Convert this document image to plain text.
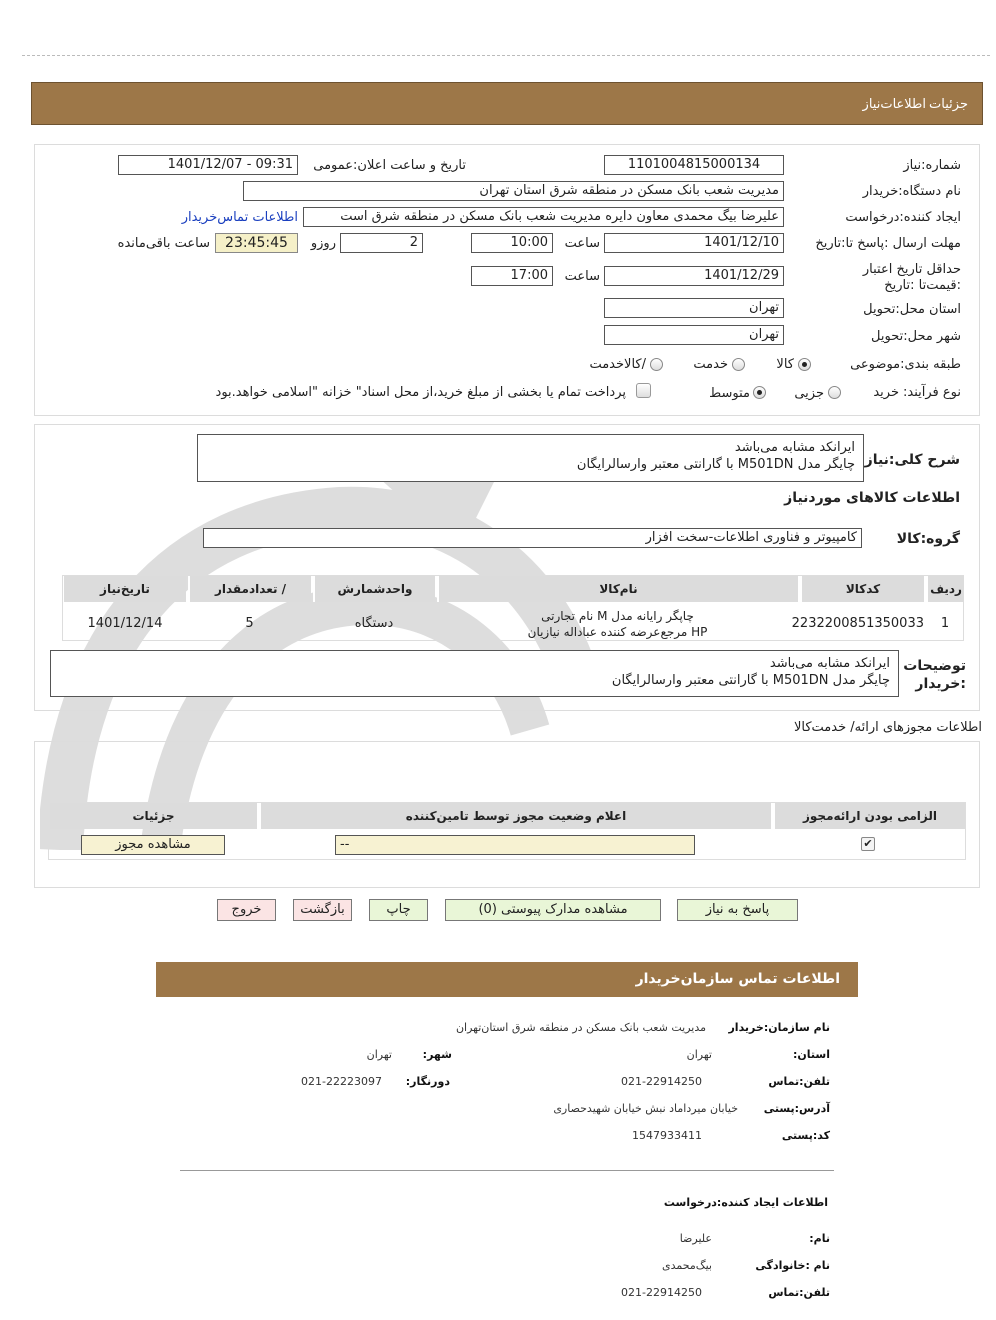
جزئیات
اطلاعات‌نیاز
شماره:نیاز
1101004815000134
تاریخ و ساعت اعلان:عمومی
1401/12/07 - 09:31
نام دستگاه:خریدار
مدیریت شعب بانک مسکن در منطقه شرق استان تهران
ایجاد کننده:درخواست
علیرضا بیگ محمدی معاون دایره مدیریت شعب بانک مسکن در منطقه شرق است
اطلاعات تماس‌خریدار
مهلت ارسال :پاسخ تا:تاریخ
1401/12/10
ساعت
10:00
2
روزو
23:45:45
ساعت باقی‌مانده
حداقل تاریخ اعتبار :قیمت‌تا :تاریخ
1401/12/29
ساعت
17:00
استان محل:تحویل
تهران
شهر محل:تحویل
تهران
طبقه بندی:موضوعی
کالا
خدمت
/کالاخدمت
نوع فرآیند:
خرید
جزیی
متوسط
پرداخت تمام یا بخشی از مبلغ خرید،از محل اسناد" خزانه "اسلامی خواهد.بود
شرح کلی:نیاز
ایرانکد مشابه می‌باشد
چایگر مدل M501DN با گارانتی معتبر وارسالرایگان
اطلاعات کالاهای موردنیاز
گروه:کالا
کامپیوتر و فناوری اطلاعات-سخت افزار
ردیف
کدکالا
نام‌کالا
واحدشمارش
/ تعدادمقدار
تاریخ‌نیاز
1
2232200851350033
چاپگر رایانه مدل M نام تجارتی
HP مرجع‌عرضه کننده عباداله نیازیان
دستگاه
5
1401/12/14
توضیحات
:خریدار
ایرانکد مشابه می‌باشد
چایگر مدل M501DN با گارانتی معتبر وارسالرایگان
اطلاعات مجوزهای ارائه/ خدمت‌کالا
الزامی بودن ارائه‌مجوز
اعلام وضعیت مجوز توسط تامین‌کننده
جزئیات
✔
--
مشاهده مجوز
پاسخ به نیاز
مشاهده مدارک پیوستی (0)
چاپ
بازگشت
خروج
اطلاعات تماس سازمان‌خریدار
نام سازمان:خریدار
مدیریت شعب بانک مسکن در منطقه شرق استان‌تهران
استان:
تهران
شهر:
تهران
تلفن:تماس
021-22914250
دورنگار:
021-22223097
آدرس:پستی
خیابان میرداماد نبش خیابان شهیدحصاری
کد:پستی
1547933411
اطلاعات ایجاد کننده:درخواست
نام:
علیرضا
نام :خانوادگی
بیگ‌محمدی
تلفن:تماس
021-22914250
